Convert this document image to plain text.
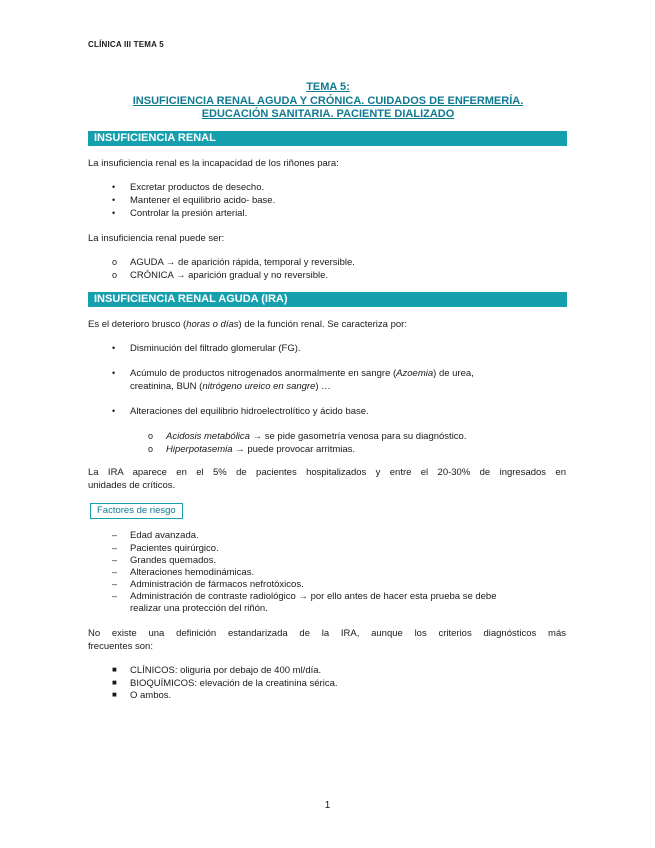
CLÍNICA III TEMA 5
TEMA 5:
INSUFICIENCIA RENAL AGUDA Y CRÓNICA. CUIDADOS DE ENFERMERÍA.
EDUCACIÓN SANITARIA. PACIENTE DIALIZADO
INSUFICIENCIA RENAL
La insuficiencia renal es la incapacidad de los riñones para:
• Excretar productos de desecho.
• Mantener el equilibrio acido- base.
• Controlar la presión arterial.
La insuficiencia renal puede ser:
o AGUDA → de aparición rápida, temporal y reversible.
o CRÓNICA → aparición gradual y no reversible.
INSUFICIENCIA RENAL AGUDA (IRA)
Es el deterioro brusco (horas o días) de la función renal. Se caracteriza por:
• Disminución del filtrado glomerular (FG).
• Acúmulo de productos nitrogenados anormalmente en sangre (Azoemia) de urea,
creatinina, BUN (nitrógeno ureico en sangre) …
• Alteraciones del equilibrio hidroelectrolítico y ácido base.
o Acidosis metabólica → se pide gasometría venosa para su diagnóstico.
o Hiperpotasemia → puede provocar arritmias.
La IRA aparece en el 5% de pacientes hospitalizados y entre el 20-30% de ingresados en
unidades de críticos.
Factores de riesgo
– Edad avanzada.
– Pacientes quirúrgico.
– Grandes quemados.
– Alteraciones hemodinámicas.
– Administración de fármacos nefrotóxicos.
– Administración de contraste radiológico → por ello antes de hacer esta prueba se debe
realizar una protección del riñón.
No existe una definición estandarizada de la IRA, aunque los criterios diagnósticos más
frecuentes son:
■ CLÍNICOS: oliguria por debajo de 400 ml/día.
■ BIOQUÍMICOS: elevación de la creatinina sérica.
■ O ambos.
1
